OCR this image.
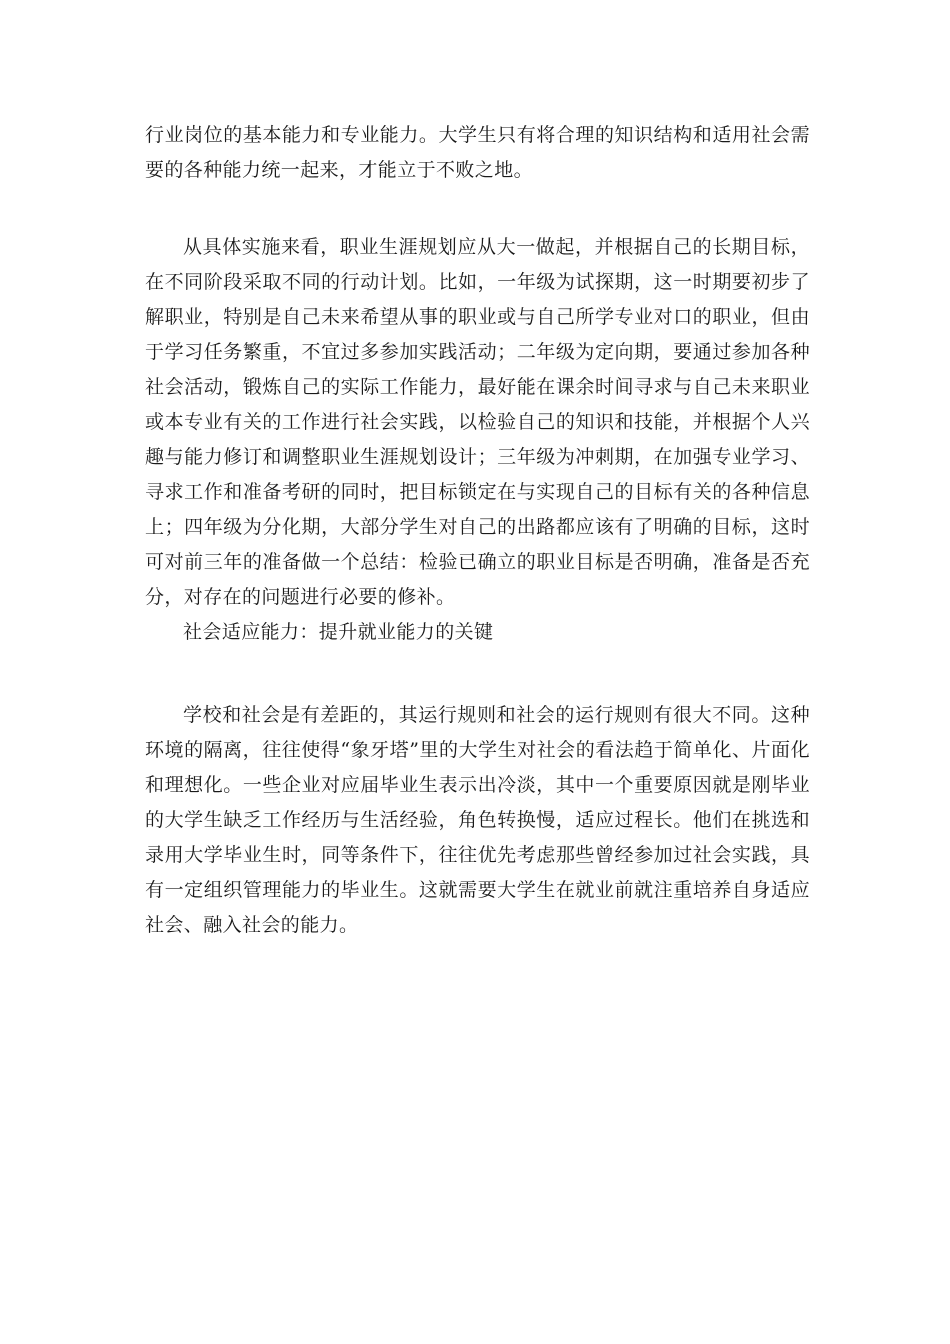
行业岗位的基本能力和专业能力。大学生只有将合理的知识结构和适用社会需要的各种能力统一起来，才能立于不败之地。

从具体实施来看，职业生涯规划应从大一做起，并根据自己的长期目标，在不同阶段采取不同的行动计划。比如，一年级为试探期，这一时期要初步了解职业，特别是自己未来希望从事的职业或与自己所学专业对口的职业，但由于学习任务繁重，不宜过多参加实践活动；二年级为定向期，要通过参加各种社会活动，锻炼自己的实际工作能力，最好能在课余时间寻求与自己未来职业或本专业有关的工作进行社会实践，以检验自己的知识和技能，并根据个人兴趣与能力修订和调整职业生涯规划设计；三年级为冲刺期，在加强专业学习、寻求工作和准备考研的同时，把目标锁定在与实现自己的目标有关的各种信息上；四年级为分化期，大部分学生对自己的出路都应该有了明确的目标，这时可对前三年的准备做一个总结：检验已确立的职业目标是否明确，准备是否充分，对存在的问题进行必要的修补。

社会适应能力：提升就业能力的关键

学校和社会是有差距的，其运行规则和社会的运行规则有很大不同。这种环境的隔离，往往使得“象牙塔”里的大学生对社会的看法趋于简单化、片面化和理想化。一些企业对应届毕业生表示出冷淡，其中一个重要原因就是刚毕业的大学生缺乏工作经历与生活经验，角色转换慢，适应过程长。他们在挑选和录用大学毕业生时，同等条件下，往往优先考虑那些曾经参加过社会实践，具有一定组织管理能力的毕业生。这就需要大学生在就业前就注重培养自身适应社会、融入社会的能力。
